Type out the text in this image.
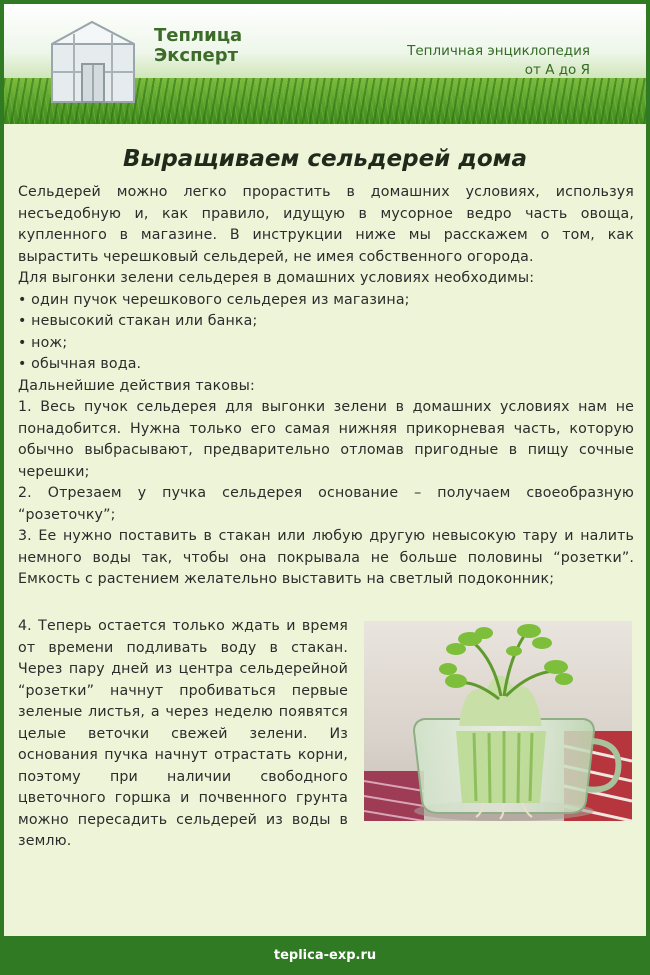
Теплица
Эксперт	Тепличная энциклопедия
от А до Я
Выращиваем сельдерей дома

Сельдерей можно легко прорастить в домашних условиях, используя несъедобную и, как правило, идущую в мусорное ведро часть овоща, купленного в магазине. В инструкции ниже мы расскажем о том, как вырастить черешковый сельдерей, не имея собственного огорода.

Для выгонки зелени сельдерея в домашних условиях необходимы:

• один пучок черешкового сельдерея из магазина;

• невысокий стакан или банка;

• нож;

• обычная вода.

Дальнейшие действия таковы:

1. Весь пучок сельдерея для выгонки зелени в домашних условиях нам не понадобится. Нужна только его самая нижняя прикорневая часть, которую обычно выбрасывают, предварительно отломав пригодные в пищу сочные черешки;

2. Отрезаем у пучка сельдерея основание – получаем своеобразную “розеточку”;

3. Ее нужно поставить в стакан или любую другую невысокую тару и налить немного воды так, чтобы она покрывала не больше половины “розетки”. Емкость с растением желательно выставить на светлый подоконник;

4. Теперь остается только ждать и время от времени подливать воду в стакан. Через пару дней из центра сельдерейной “розетки” начнут пробиваться первые зеленые листья, а через неделю появятся целые веточки свежей зелени. Из основания пучка начнут отрастать корни, поэтому при наличии свободного цветочного горшка и почвенного грунта можно пересадить сельдерей из воды в землю.

teplica-exp.ru
